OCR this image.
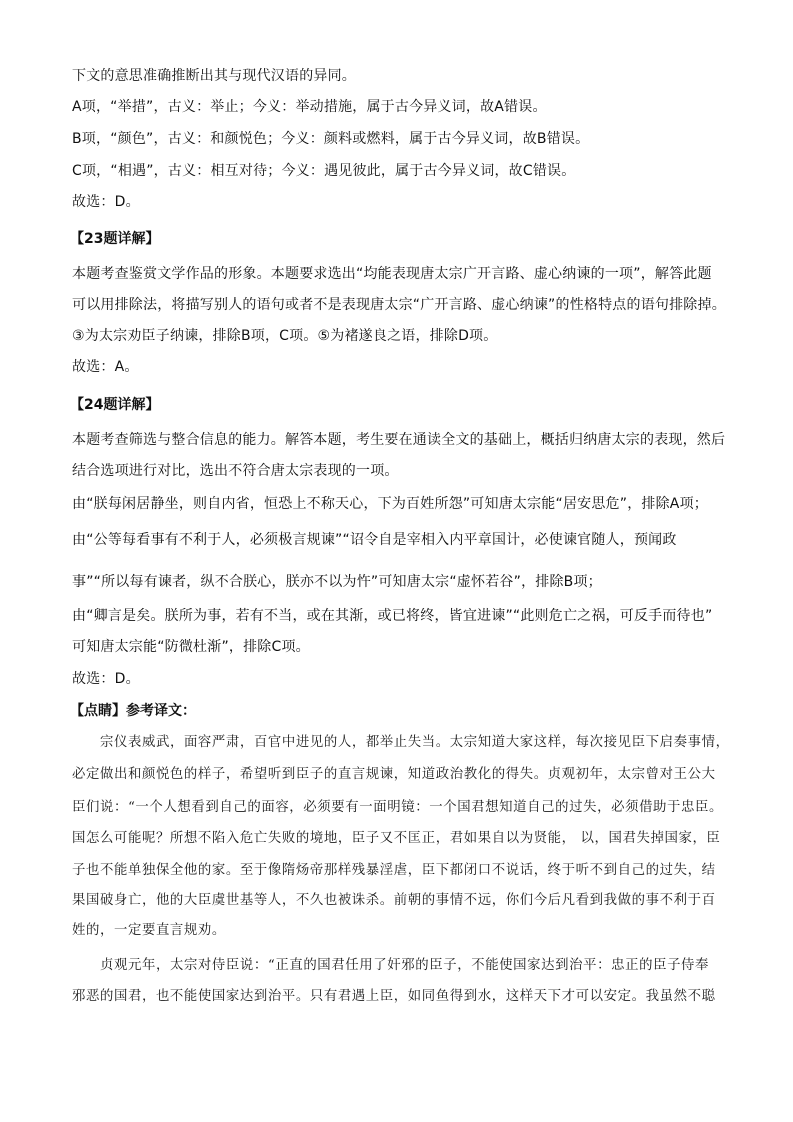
下文的意思准确推断出其与现代汉语的异同。
A项，“举措”，古义：举止；今义：举动措施，属于古今异义词，故A错误。
B项，“颜色”，古义：和颜悦色；今义：颜料或燃料，属于古今异义词，故B错误。
C项，“相遇”，古义：相互对待；今义：遇见彼此，属于古今异义词，故C错误。
故选：D。
【23题详解】
本题考查鉴赏文学作品的形象。本题要求选出“均能表现唐太宗广开言路、虚心纳谏的一项”，解答此题
可以用排除法，将描写别人的语句或者不是表现唐太宗“广开言路、虚心纳谏”的性格特点的语句排除掉。
③为太宗劝臣子纳谏，排除B项，C项。⑤为褚遂良之语，排除D项。
故选：A。
【24题详解】
本题考查筛选与整合信息的能力。解答本题，考生要在通读全文的基础上，概括归纳唐太宗的表现，然后
结合选项进行对比，选出不符合唐太宗表现的一项。
由“朕每闲居静坐，则自内省，恒恐上不称天心，下为百姓所怨”可知唐太宗能“居安思危”，排除A项；
由“公等每看事有不利于人，必须极言规谏”“诏令自是宰相入内平章国计，必使谏官随人，预闻政
事”“所以每有谏者，纵不合朕心，朕亦不以为忤”可知唐太宗“虚怀若谷”，排除B项；
由“卿言是矣。朕所为事，若有不当，或在其渐，或已将终，皆宜进谏”“此则危亡之祸，可反手而待也”
可知唐太宗能“防微杜渐”，排除C项。
故选：D。
【点睛】参考译文：
宗仪表威武，面容严肃，百官中进见的人，都举止失当。太宗知道大家这样，每次接见臣下启奏事情，
必定做出和颜悦色的样子，希望听到臣子的直言规谏，知道政治教化的得失。贞观初年，太宗曾对王公大
臣们说：“一个人想看到自己的面容，必须要有一面明镜：一个国君想知道自己的过失，必须借助于忠臣。
国怎么可能呢？所想不陷入危亡失败的境地，臣子又不匡正，君如果自以为贤能， 以，国君失掉国家，臣
子也不能单独保全他的家。至于像隋炀帝那样残暴淫虐，臣下都闭口不说话，终于听不到自己的过失，结
果国破身亡，他的大臣虞世基等人，不久也被诛杀。前朝的事情不远，你们今后凡看到我做的事不利于百
姓的，一定要直言规劝。
贞观元年，太宗对侍臣说：“正直的国君任用了奸邪的臣子，不能使国家达到治平：忠正的臣子侍奉
邪恶的国君，也不能使国家达到治平。只有君遇上臣，如同鱼得到水，这样天下才可以安定。我虽然不聪
